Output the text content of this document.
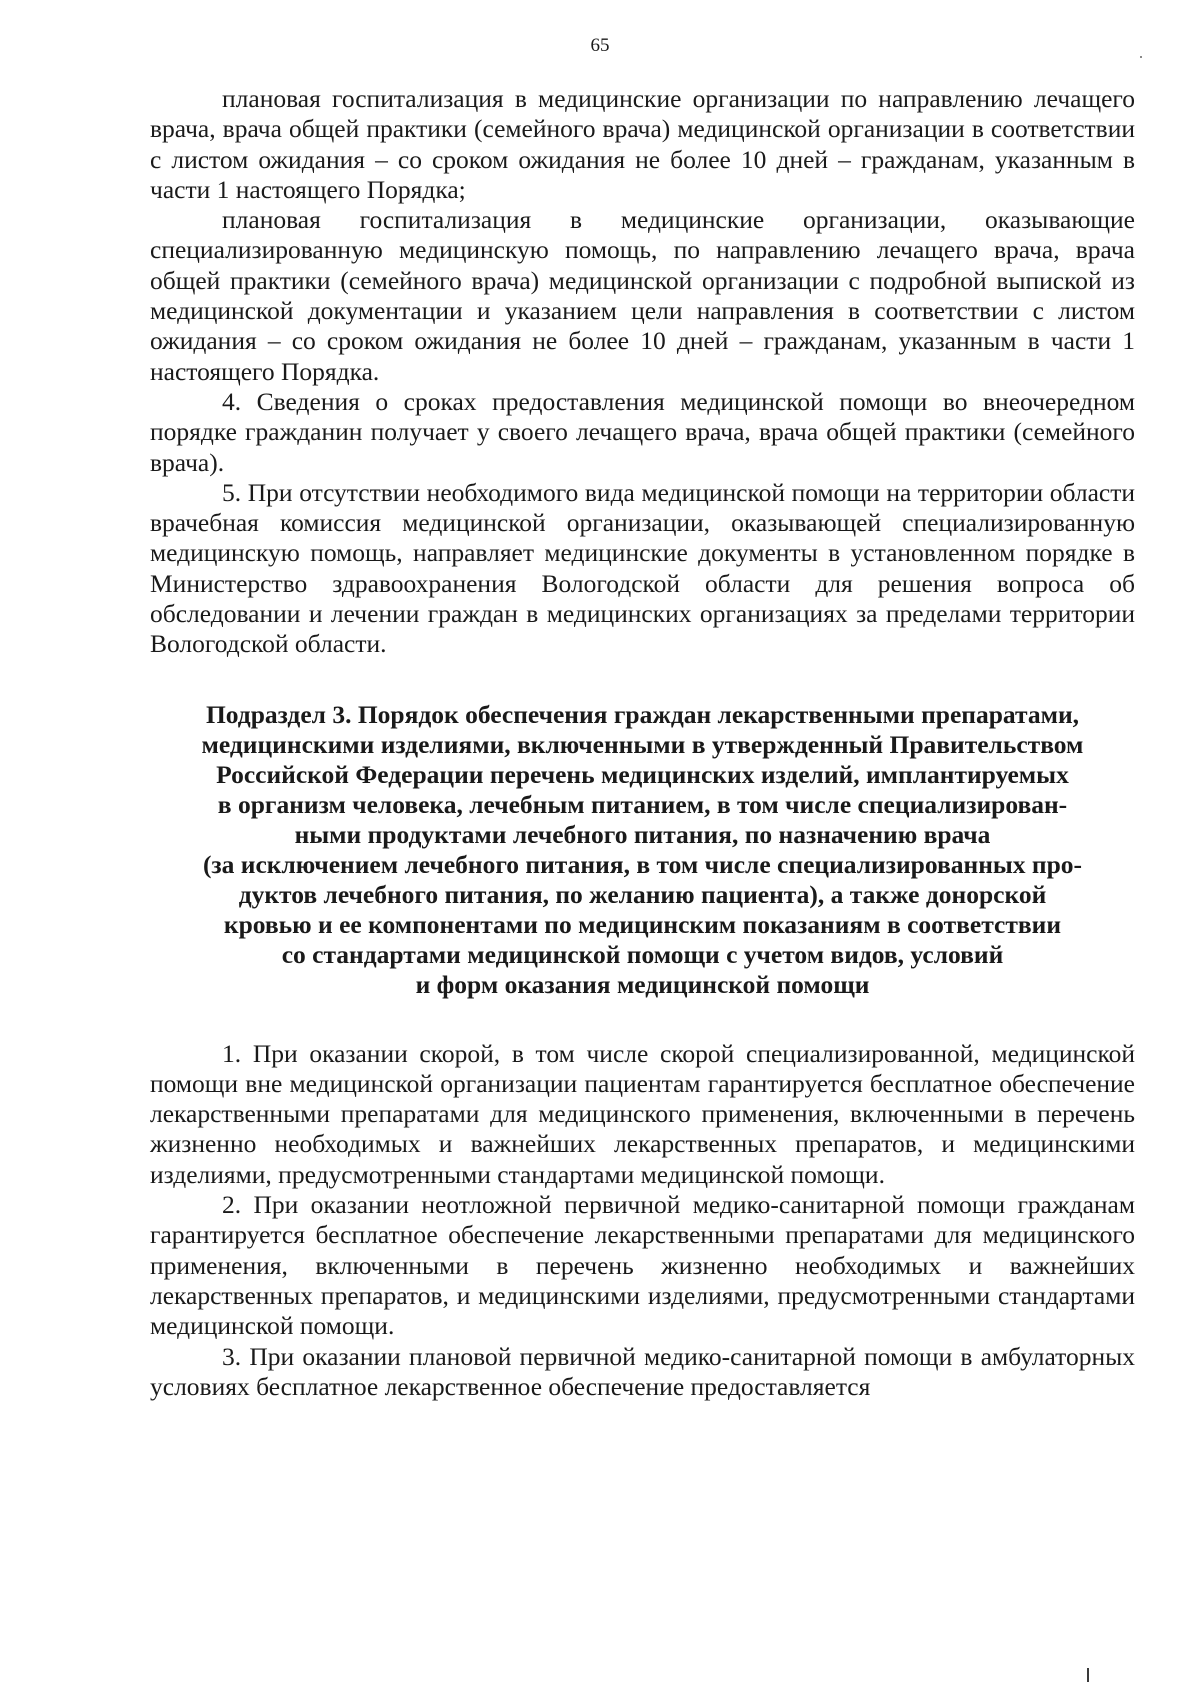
65

плановая госпитализация в медицинские организации по направлению лечащего врача, врача общей практики (семейного врача) медицинской организации в соответствии с листом ожидания – со сроком ожидания не более 10 дней – гражданам, указанным в части 1 настоящего Порядка;

плановая госпитализация в медицинские организации, оказывающие специализированную медицинскую помощь, по направлению лечащего врача, врача общей практики (семейного врача) медицинской организации с подробной выпиской из медицинской документации и указанием цели направления в соответствии с листом ожидания – со сроком ожидания не более 10 дней – гражданам, указанным в части 1 настоящего Порядка.

4. Сведения о сроках предоставления медицинской помощи во внеочередном порядке гражданин получает у своего лечащего врача, врача общей практики (семейного врача).

5. При отсутствии необходимого вида медицинской помощи на территории области врачебная комиссия медицинской организации, оказывающей специализированную медицинскую помощь, направляет медицинские документы в установленном порядке в Министерство здравоохранения Вологодской области для решения вопроса об обследовании и лечении граждан в медицинских организациях за пределами территории Вологодской области.

Подраздел 3. Порядок обеспечения граждан лекарственными препаратами,
медицинскими изделиями, включенными в утвержденный Правительством
Российской Федерации перечень медицинских изделий, имплантируемых
в организм человека, лечебным питанием, в том числе специализирован-
ными продуктами лечебного питания, по назначению врача
(за исключением лечебного питания, в том числе специализированных про-
дуктов лечебного питания, по желанию пациента), а также донорской
кровью и ее компонентами по медицинским показаниям в соответствии
со стандартами медицинской помощи с учетом видов, условий
и форм оказания медицинской помощи

1. При оказании скорой, в том числе скорой специализированной, медицинской помощи вне медицинской организации пациентам гарантируется бесплатное обеспечение лекарственными препаратами для медицинского применения, включенными в перечень жизненно необходимых и важнейших лекарственных препаратов, и медицинскими изделиями, предусмотренными стандартами медицинской помощи.

2. При оказании неотложной первичной медико-санитарной помощи гражданам гарантируется бесплатное обеспечение лекарственными препаратами для медицинского применения, включенными в перечень жизненно необходимых и важнейших лекарственных препаратов, и медицинскими изделиями, предусмотренными стандартами медицинской помощи.

3. При оказании плановой первичной медико-санитарной помощи в амбулаторных условиях бесплатное лекарственное обеспечение предоставляется
